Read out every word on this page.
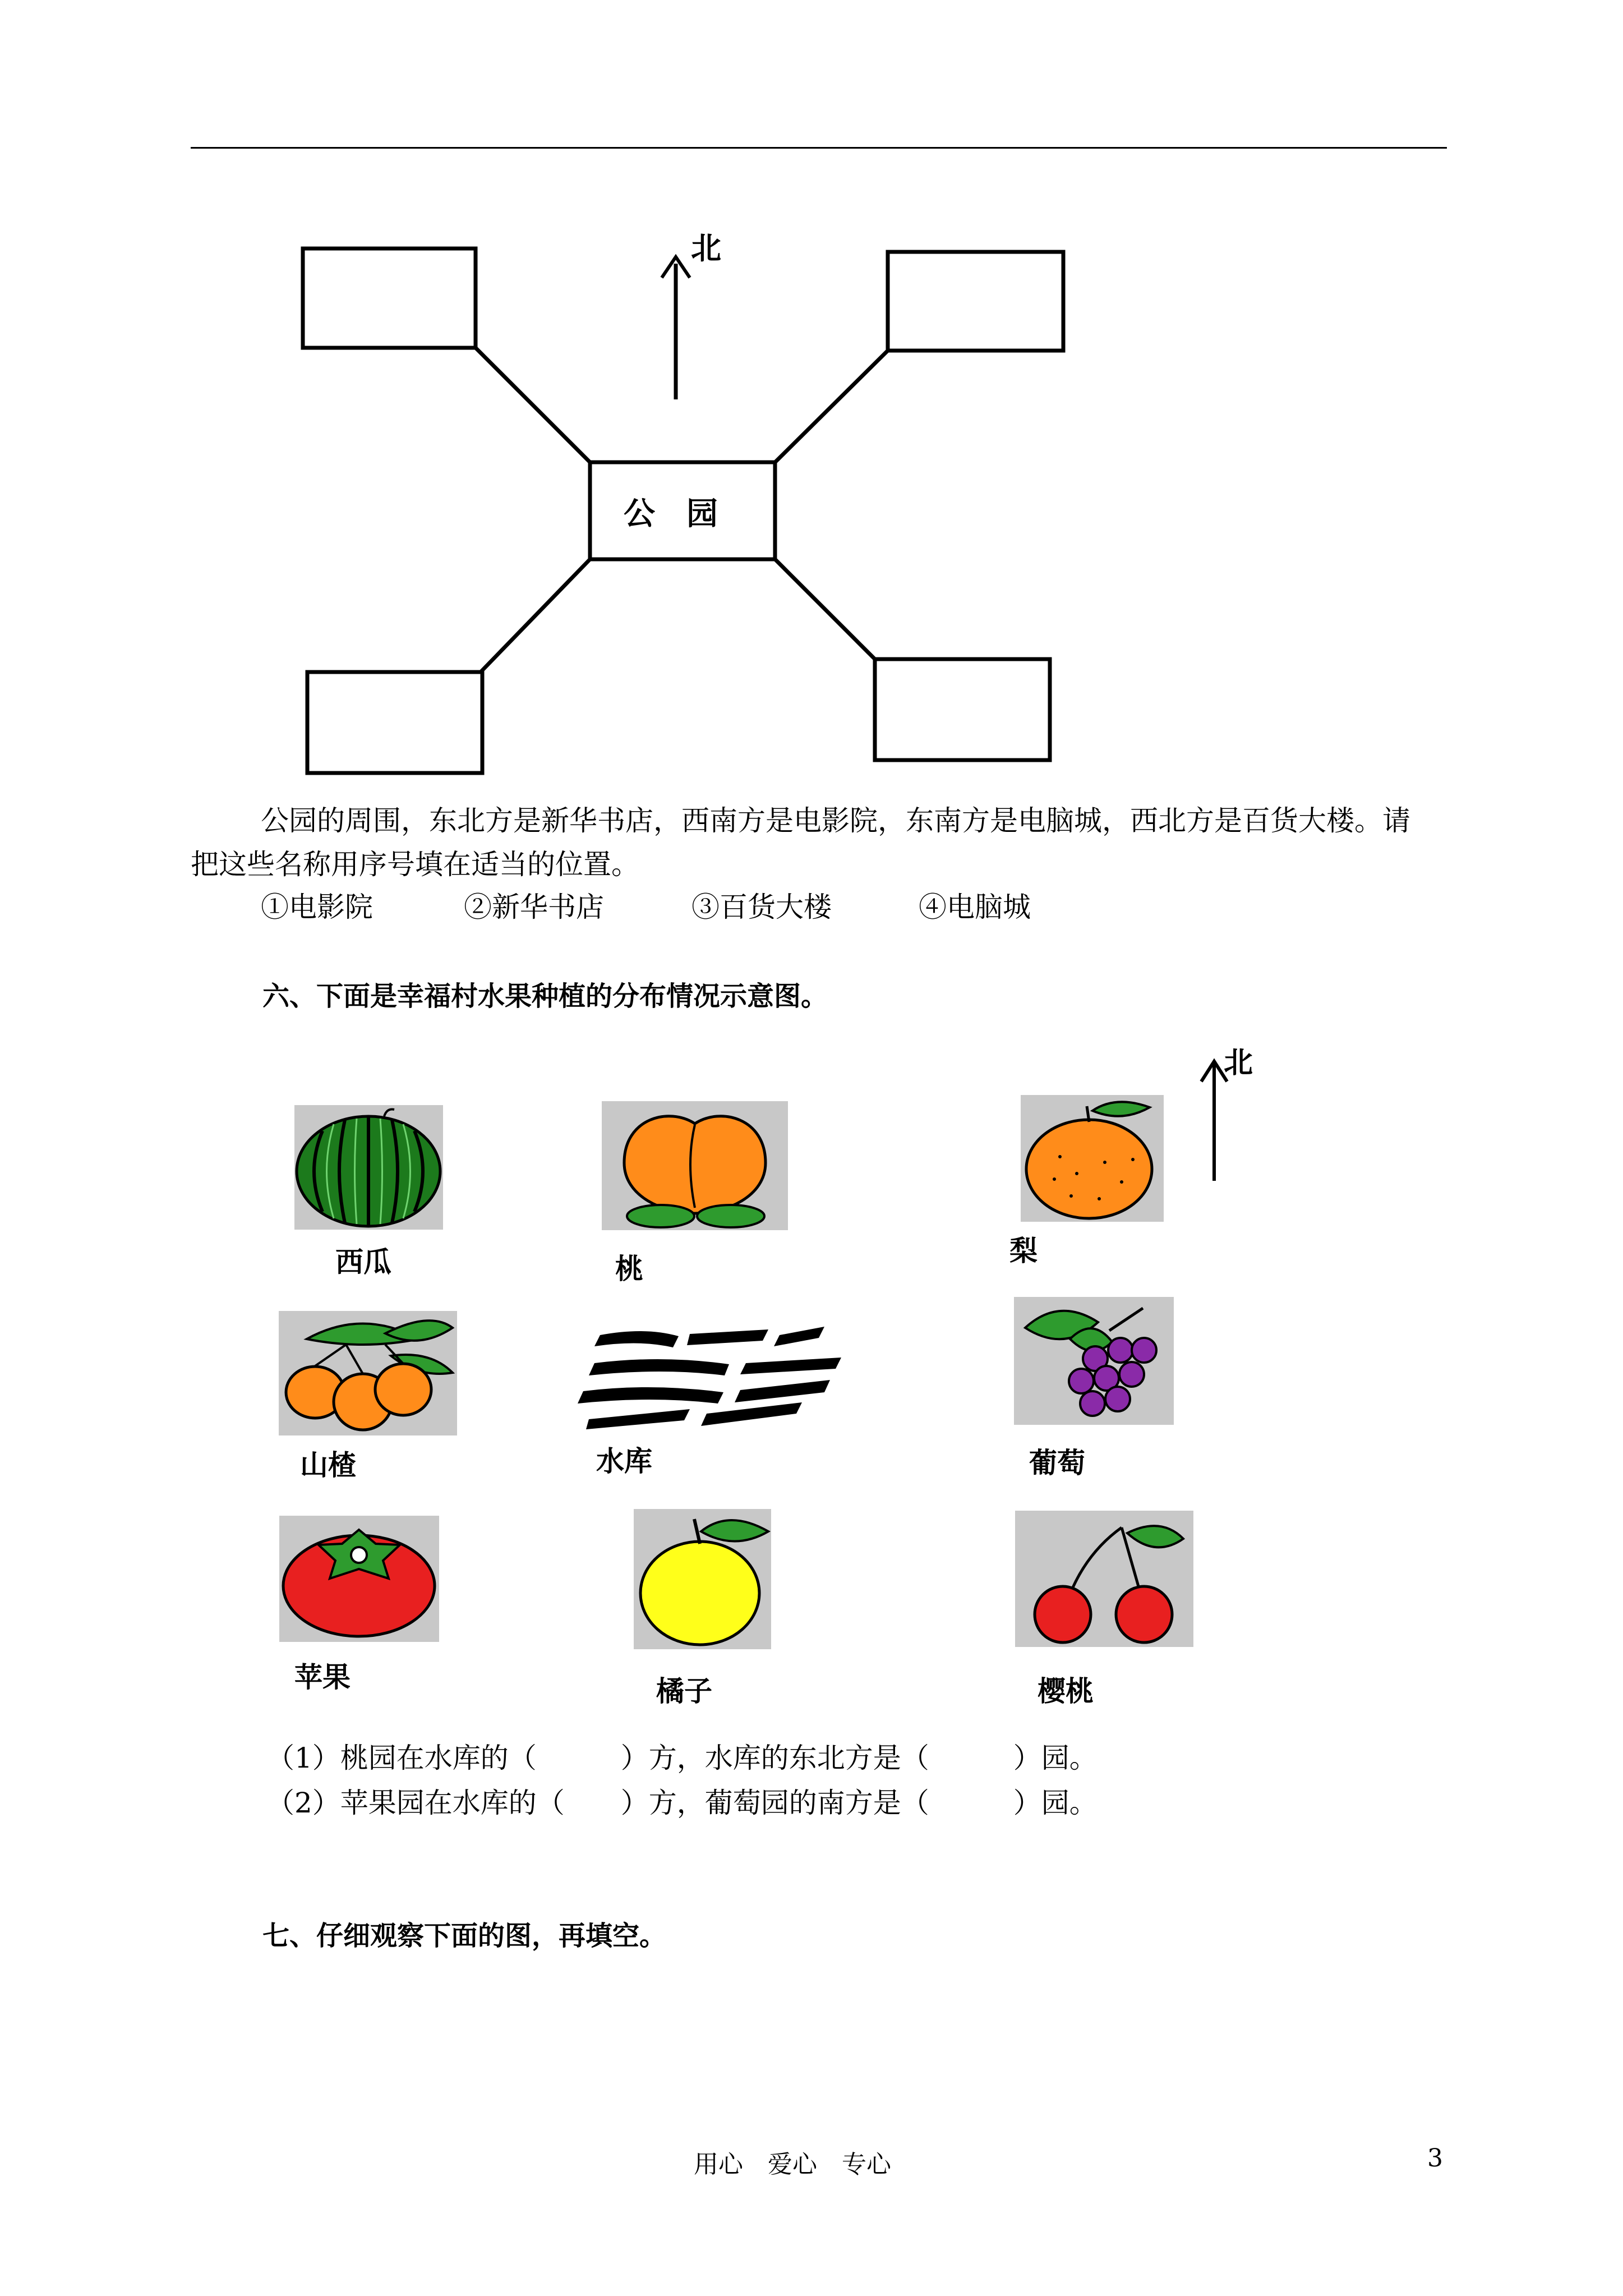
北
公　园
公园的周围，东北方是新华书店，西南方是电影院，东南方是电脑城，西北方是百货大楼。请
把这些名称用序号填在适当的位置。
①电影院	②新华书店	③百货大楼	④电脑城
六、下面是幸福村水果种植的分布情况示意图。
北
西瓜	桃
梨
山楂	水库	葡萄
苹果	橘子	樱桃
（1）桃园在水库的（　　　）方，水库的东北方是（　　　）园。
（2）苹果园在水库的（　　）方，葡萄园的南方是（　　　）园。
七、仔细观察下面的图，再填空。
用心　爱心　专心	3
